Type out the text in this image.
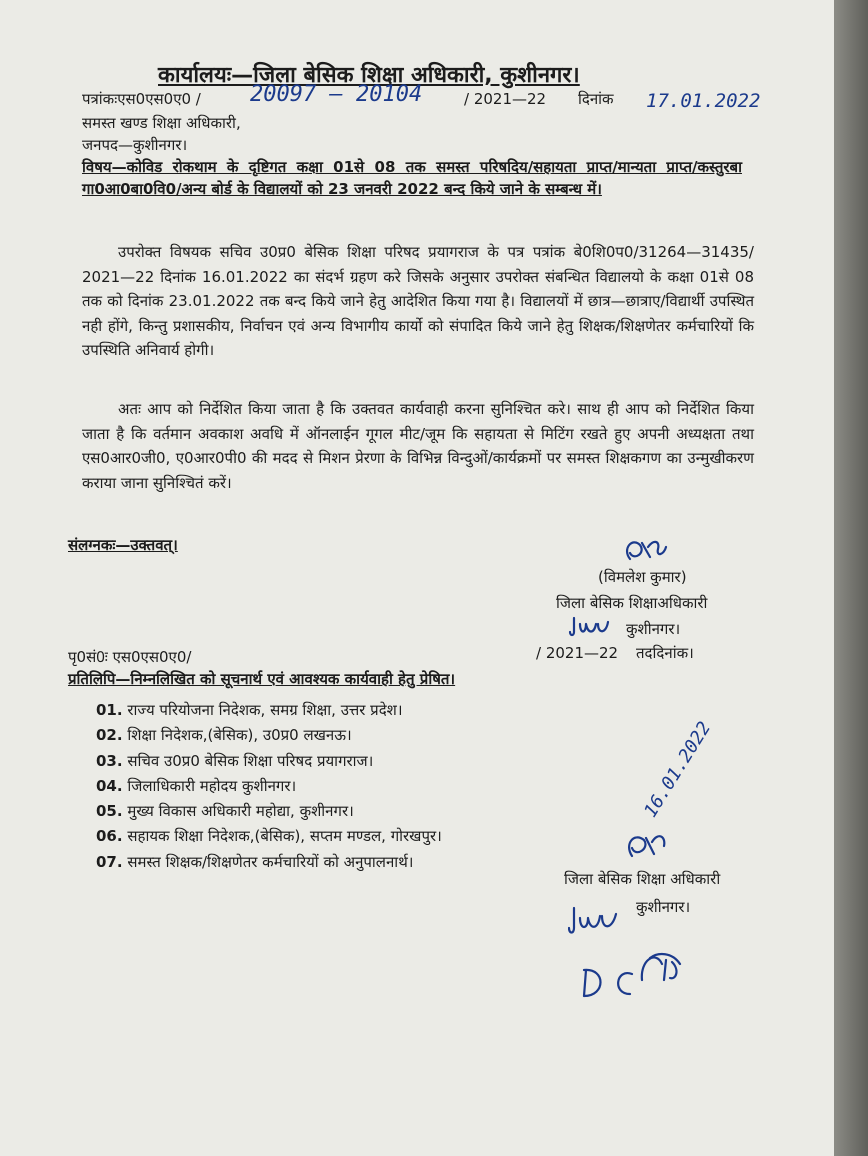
कार्यालयः—जिला बेसिक शिक्षा अधिकारी, कुशीनगर।
पत्रांकःएस0एस0ए0 / 20097 — 20104	/ 2021—22 दिनांक 17.01.2022
समस्त खण्ड शिक्षा अधिकारी,
जनपद—कुशीनगर।
विषय—कोविड रोकथाम के दृष्टिगत कक्षा 01से 08 तक समस्त परिषदिय/सहायता प्राप्त/मान्यता प्राप्त/कस्तुरबा गा0आ0बा0वि0/अन्य बोर्ड के विद्यालयों को 23 जनवरी 2022 बन्द किये जाने के सम्बन्ध में।
उपरोक्त विषयक सचिव उ0प्र0 बेसिक शिक्षा परिषद प्रयागराज के पत्र पत्रांक बे0शि0प0/31264—31435/ 2021—22 दिनांक 16.01.2022 का संदर्भ ग्रहण करे जिसके अनुसार उपरोक्त संबन्धित विद्यालयो के कक्षा 01से 08 तक को दिनांक 23.01.2022 तक बन्द किये जाने हेतु आदेशित किया गया है। विद्यालयों में छात्र—छात्राए/विद्यार्थी उपस्थित नही होंगे, किन्तु प्रशासकीय, निर्वाचन एवं अन्य विभागीय कार्यो को संपादित किये जाने हेतु शिक्षक/शिक्षणेतर कर्मचारियों कि उपस्थिति अनिवार्य होगी।
अतः आप को निर्देशित किया जाता है कि उक्तवत कार्यवाही करना सुनिश्चित करे। साथ ही आप को निर्देशित किया जाता है कि वर्तमान अवकाश अवधि में ऑनलाईन गूगल मीट/जूम कि सहायता से मिटिंग रखते हुए अपनी अध्यक्षता तथा एस0आर0जी0, ए0आर0पी0 की मदद से मिशन प्रेरणा के विभिन्न विन्दुओं/कार्यक्रमों पर समस्त शिक्षकगण का उन्मुखीकरण कराया जाना सुनिश्चितं करें।
संलग्नकः—उक्तवत्।
(विमलेश कुमार)
जिला बेसिक शिक्षाअधिकारी
कुशीनगर।
पृ0सं0ः एस0एस0ए0/	/ 2021—22 तददिनांक।
प्रतिलिपि—निम्नलिखित को सूचनार्थ एवं आवश्यक कार्यवाही हेतु प्रेषित।
01. राज्य परियोजना निदेशक, समग्र शिक्षा, उत्तर प्रदेश।
02. शिक्षा निदेशक,(बेसिक), उ0प्र0 लखनऊ।
03. सचिव उ0प्र0 बेसिक शिक्षा परिषद प्रयागराज।
04. जिलाधिकारी महोदय कुशीनगर।
05. मुख्य विकास अधिकारी महोद्या, कुशीनगर।
06. सहायक शिक्षा निदेशक,(बेसिक), सप्तम मण्डल, गोरखपुर।
07. समस्त शिक्षक/शिक्षणेतर कर्मचारियों को अनुपालनार्थ।
16.01.2022
जिला बेसिक शिक्षा अधिकारी
कुशीनगर।
